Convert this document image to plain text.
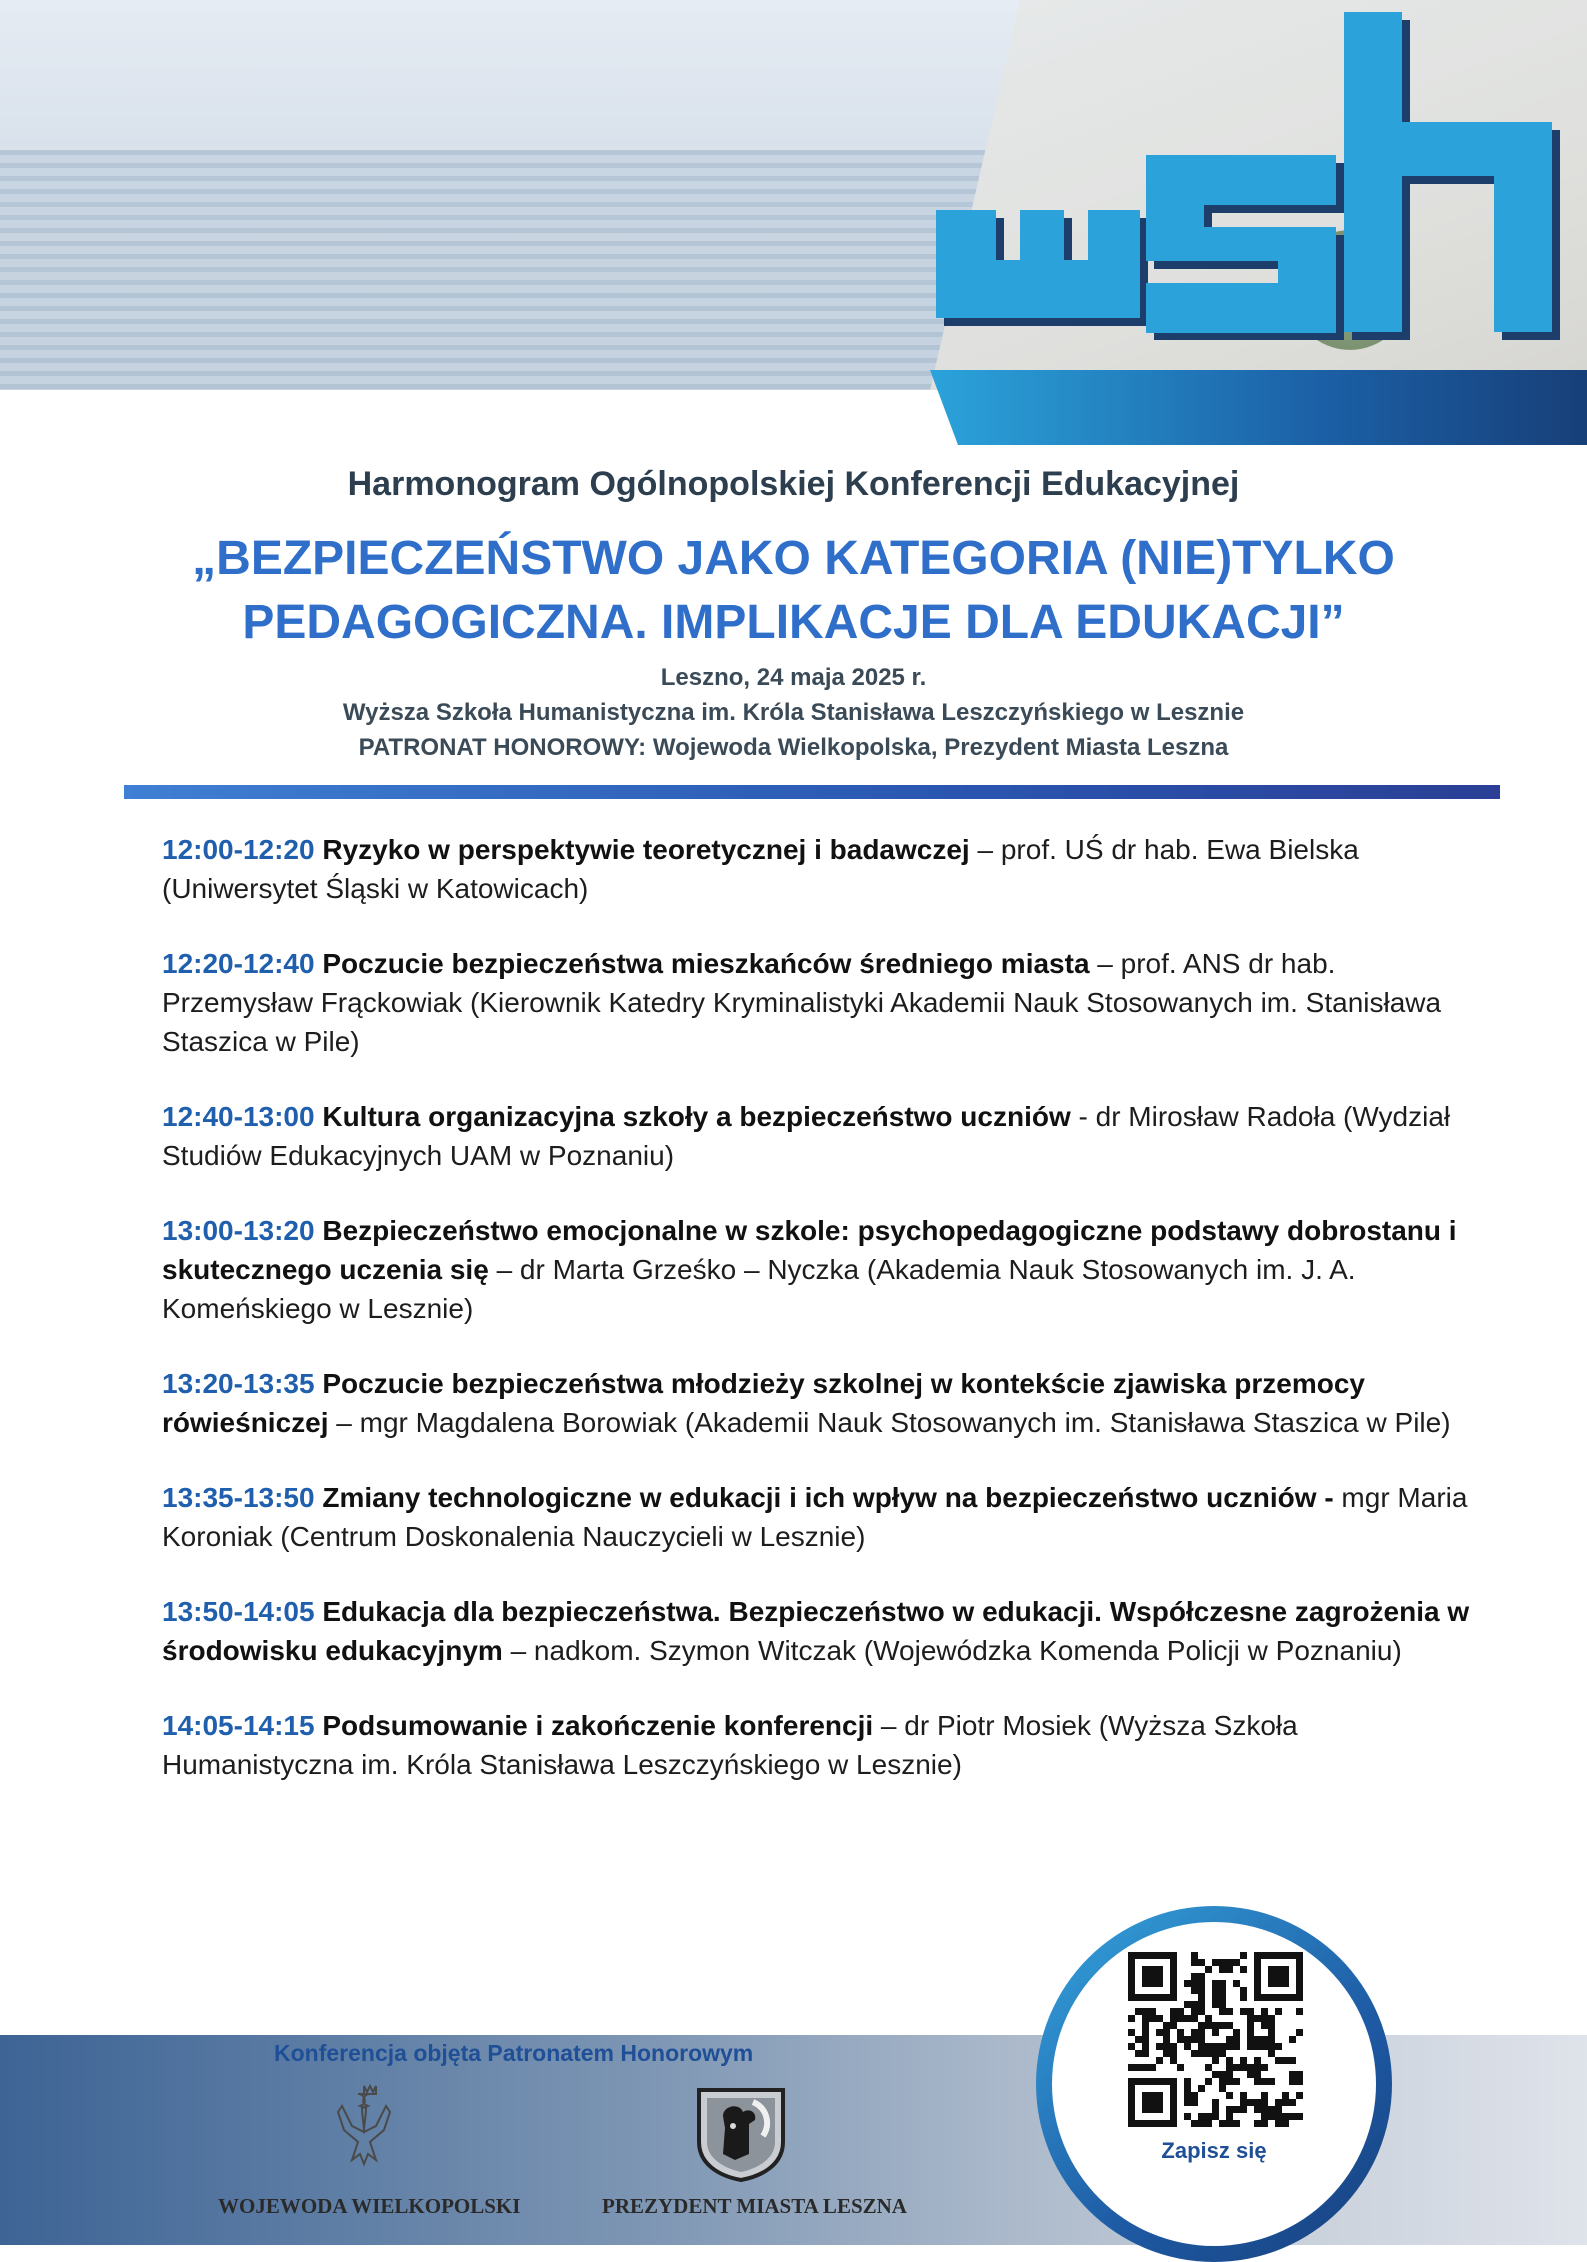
Harmonogram Ogólnopolskiej Konferencji Edukacyjnej
„BEZPIECZEŃSTWO JAKO KATEGORIA (NIE)TYLKO
PEDAGOGICZNA. IMPLIKACJE DLA EDUKACJI”
Leszno, 24 maja 2025 r.
Wyższa Szkoła Humanistyczna im. Króla Stanisława Leszczyńskiego w Lesznie
PATRONAT HONOROWY: Wojewoda Wielkopolska, Prezydent Miasta Leszna
12:00-12:20 Ryzyko w perspektywie teoretycznej i badawczej – prof. UŚ dr hab. Ewa Bielska (Uniwersytet Śląski w Katowicach)
12:20-12:40 Poczucie bezpieczeństwa mieszkańców średniego miasta – prof. ANS dr hab. Przemysław Frąckowiak (Kierownik Katedry Kryminalistyki Akademii Nauk Stosowanych im. Stanisława Staszica w Pile)
12:40-13:00 Kultura organizacyjna szkoły a bezpieczeństwo uczniów - dr Mirosław Radoła (Wydział Studiów Edukacyjnych UAM w Poznaniu)
13:00-13:20 Bezpieczeństwo emocjonalne w szkole: psychopedagogiczne podstawy dobrostanu i skutecznego uczenia się – dr Marta Grześko – Nyczka (Akademia Nauk Stosowanych im. J. A. Komeńskiego w Lesznie)
13:20-13:35 Poczucie bezpieczeństwa młodzieży szkolnej w kontekście zjawiska przemocy rówieśniczej – mgr Magdalena Borowiak (Akademii Nauk Stosowanych im. Stanisława Staszica w Pile)
13:35-13:50 Zmiany technologiczne w edukacji i ich wpływ na bezpieczeństwo uczniów - mgr Maria Koroniak (Centrum Doskonalenia Nauczycieli w Lesznie)
13:50-14:05 Edukacja dla bezpieczeństwa. Bezpieczeństwo w edukacji. Współczesne zagrożenia w środowisku edukacyjnym – nadkom. Szymon Witczak (Wojewódzka Komenda Policji w Poznaniu)
14:05-14:15 Podsumowanie i zakończenie konferencji – dr Piotr Mosiek (Wyższa Szkoła Humanistyczna im. Króla Stanisława Leszczyńskiego w Lesznie)
Konferencja objęta Patronatem Honorowym
WOJEWODA WIELKOPOLSKI	PREZYDENT MIASTA LESZNA
Zapisz się
